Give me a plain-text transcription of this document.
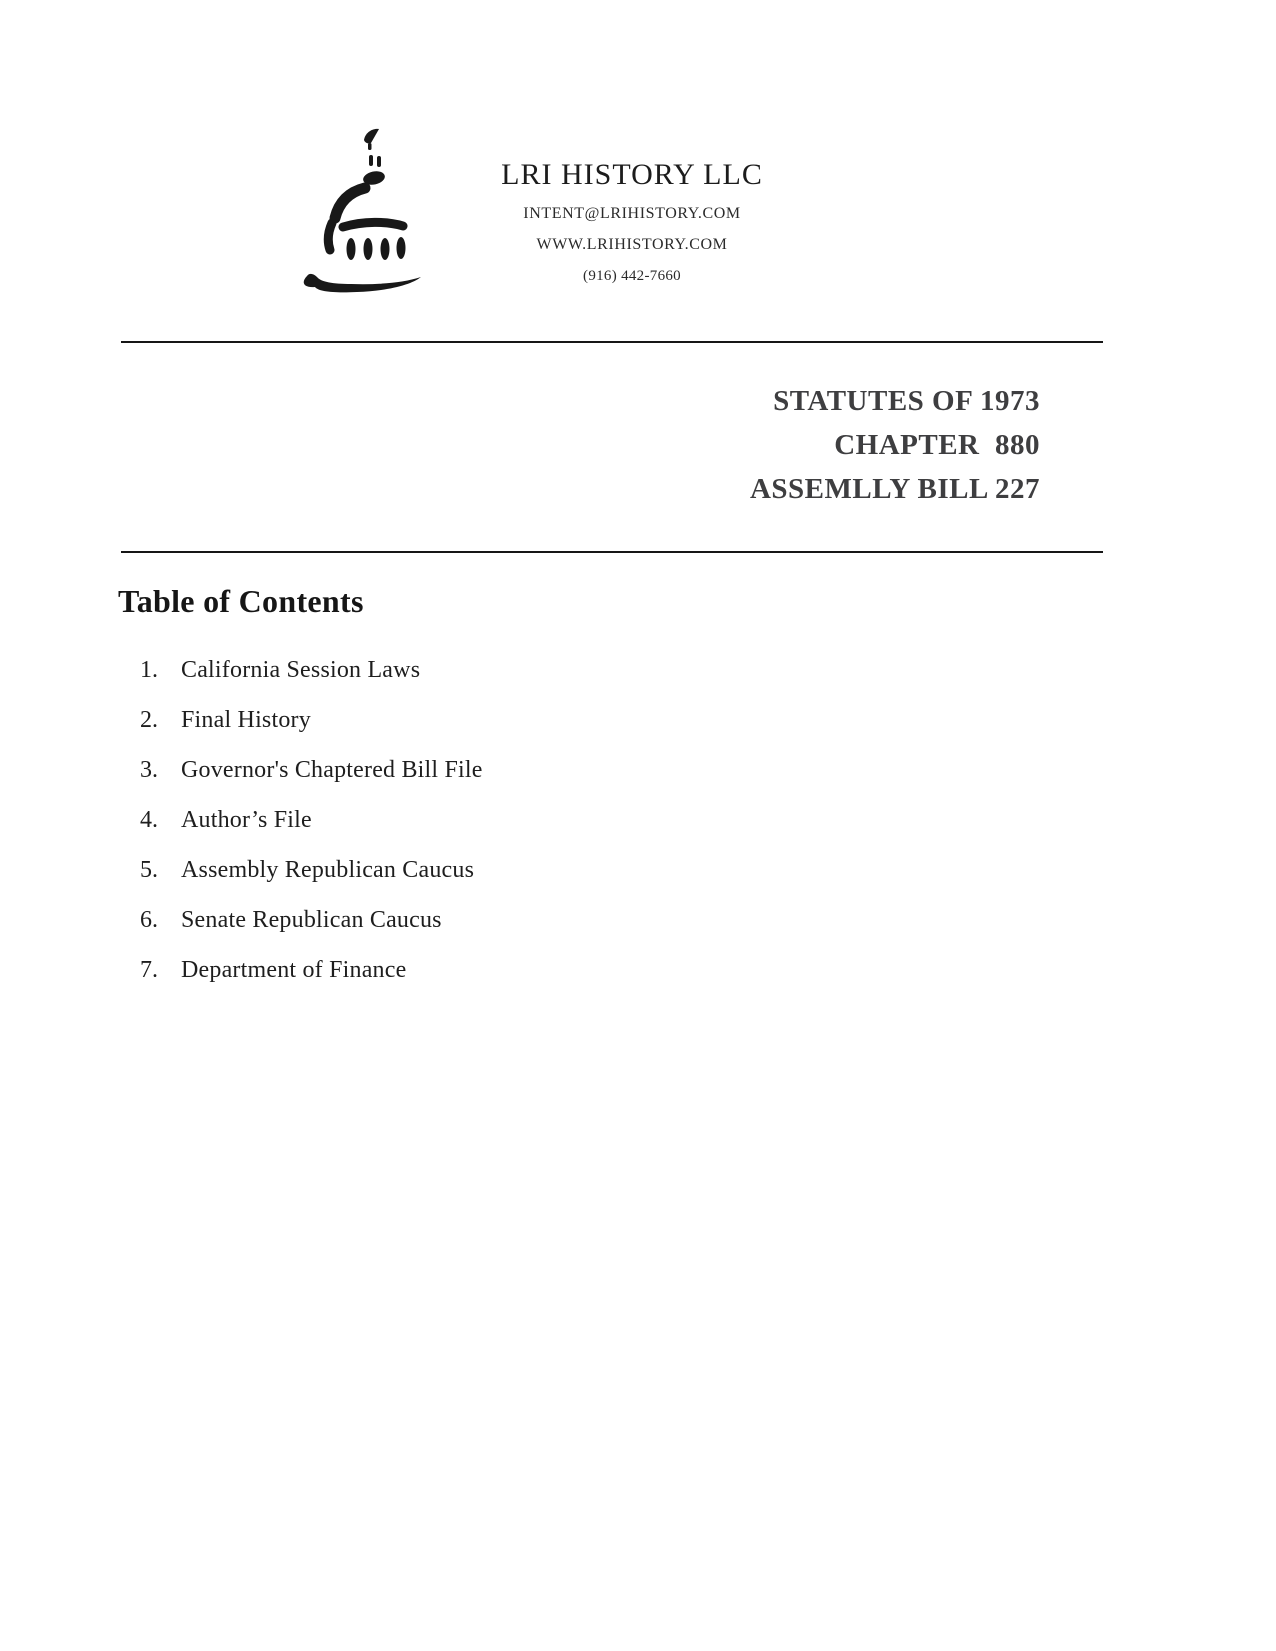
LRI HISTORY LLC
INTENT@LRIHISTORY.COM
WWW.LRIHISTORY.COM
(916) 442-7660
STATUTES OF 1973
CHAPTER  880
ASSEMLLY BILL 227
Table of Contents
1. California Session Laws
2. Final History
3. Governor's Chaptered Bill File
4. Author’s File
5. Assembly Republican Caucus
6. Senate Republican Caucus
7. Department of Finance
